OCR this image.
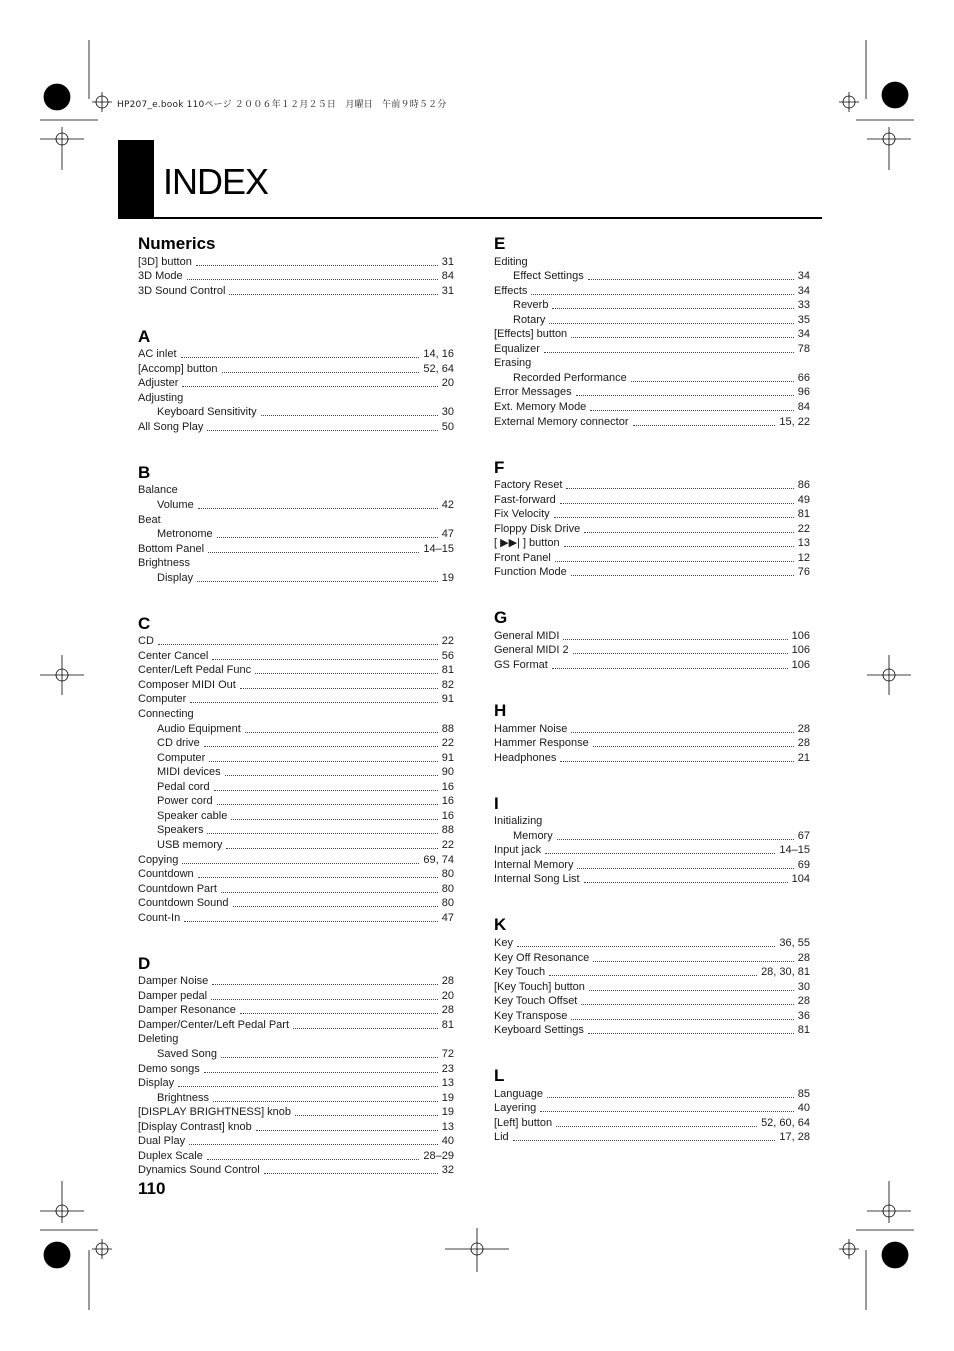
HP207_e.book 110ページ ２００６年１２月２５日　月曜日　午前９時５２分
INDEX
Numerics
[3D] button	31
3D Mode	84
3D Sound Control	31
A
AC inlet	14, 16
[Accomp] button	52, 64
Adjuster	20
Adjusting
Keyboard Sensitivity	30
All Song Play	50
B
Balance
Volume	42
Beat
Metronome	47
Bottom Panel	14–15
Brightness
Display	19
C
CD	22
Center Cancel	56
Center/Left Pedal Func	81
Composer MIDI Out	82
Computer	91
Connecting
Audio Equipment	88
CD drive	22
Computer	91
MIDI devices	90
Pedal cord	16
Power cord	16
Speaker cable	16
Speakers	88
USB memory	22
Copying	69, 74
Countdown	80
Countdown Part	80
Countdown Sound	80
Count-In	47
D
Damper Noise	28
Damper pedal	20
Damper Resonance	28
Damper/Center/Left Pedal Part	81
Deleting
Saved Song	72
Demo songs	23
Display	13
Brightness	19
[DISPLAY BRIGHTNESS] knob	19
[Display Contrast] knob	13
Dual Play	40
Duplex Scale	28–29
Dynamics Sound Control	32
E
Editing
Effect Settings	34
Effects	34
Reverb	33
Rotary	35
[Effects] button	34
Equalizer	78
Erasing
Recorded Performance	66
Error Messages	96
Ext. Memory Mode	84
External Memory connector	15, 22
F
Factory Reset	86
Fast-forward	49
Fix Velocity	81
Floppy Disk Drive	22
[ ▶▶| ] button	13
Front Panel	12
Function Mode	76
G
General MIDI	106
General MIDI 2	106
GS Format	106
H
Hammer Noise	28
Hammer Response	28
Headphones	21
I
Initializing
Memory	67
Input jack	14–15
Internal Memory	69
Internal Song List	104
K
Key	36, 55
Key Off Resonance	28
Key Touch	28, 30, 81
[Key Touch] button	30
Key Touch Offset	28
Key Transpose	36
Keyboard Settings	81
L
Language	85
Layering	40
[Left] button	52, 60, 64
Lid	17, 28
110
